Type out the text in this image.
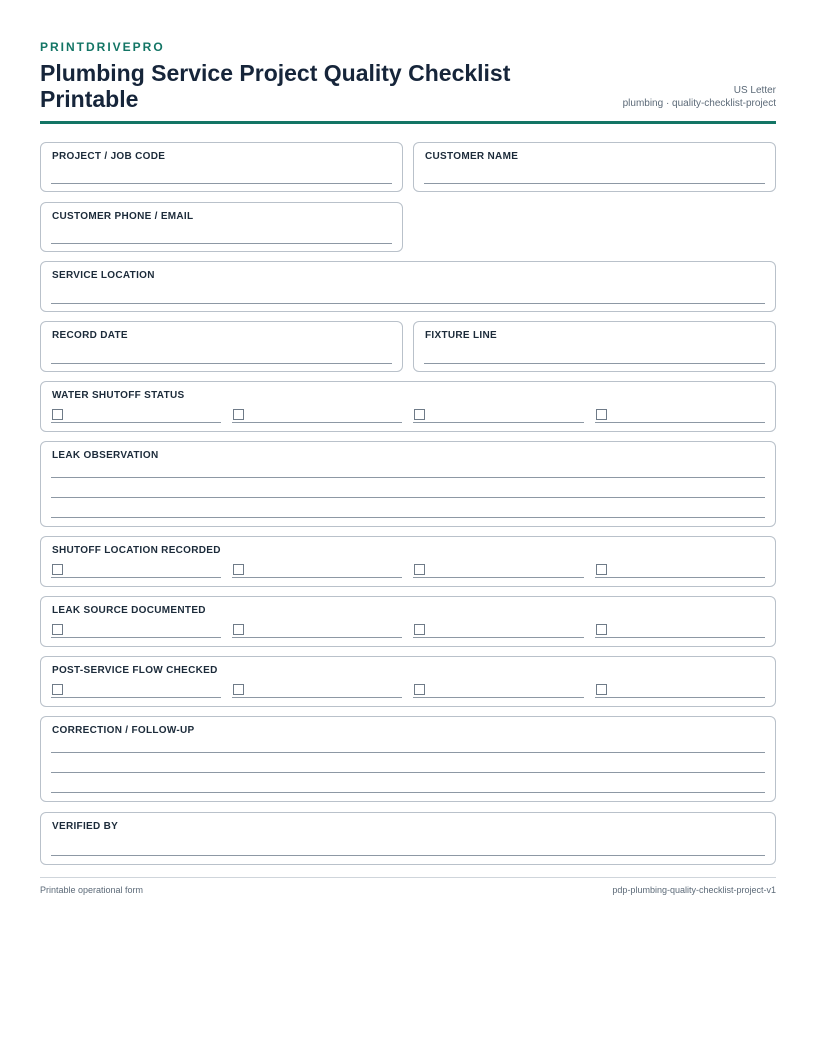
PRINTDRIVEPRO
Plumbing Service Project Quality Checklist Printable	US Letter
plumbing · quality-checklist-project
PROJECT / JOB CODE	CUSTOMER NAME
CUSTOMER PHONE / EMAIL
SERVICE LOCATION
RECORD DATE	FIXTURE LINE
WATER SHUTOFF STATUS
LEAK OBSERVATION
SHUTOFF LOCATION RECORDED
LEAK SOURCE DOCUMENTED
POST-SERVICE FLOW CHECKED
CORRECTION / FOLLOW-UP
VERIFIED BY
Printable operational form	pdp-plumbing-quality-checklist-project-v1
